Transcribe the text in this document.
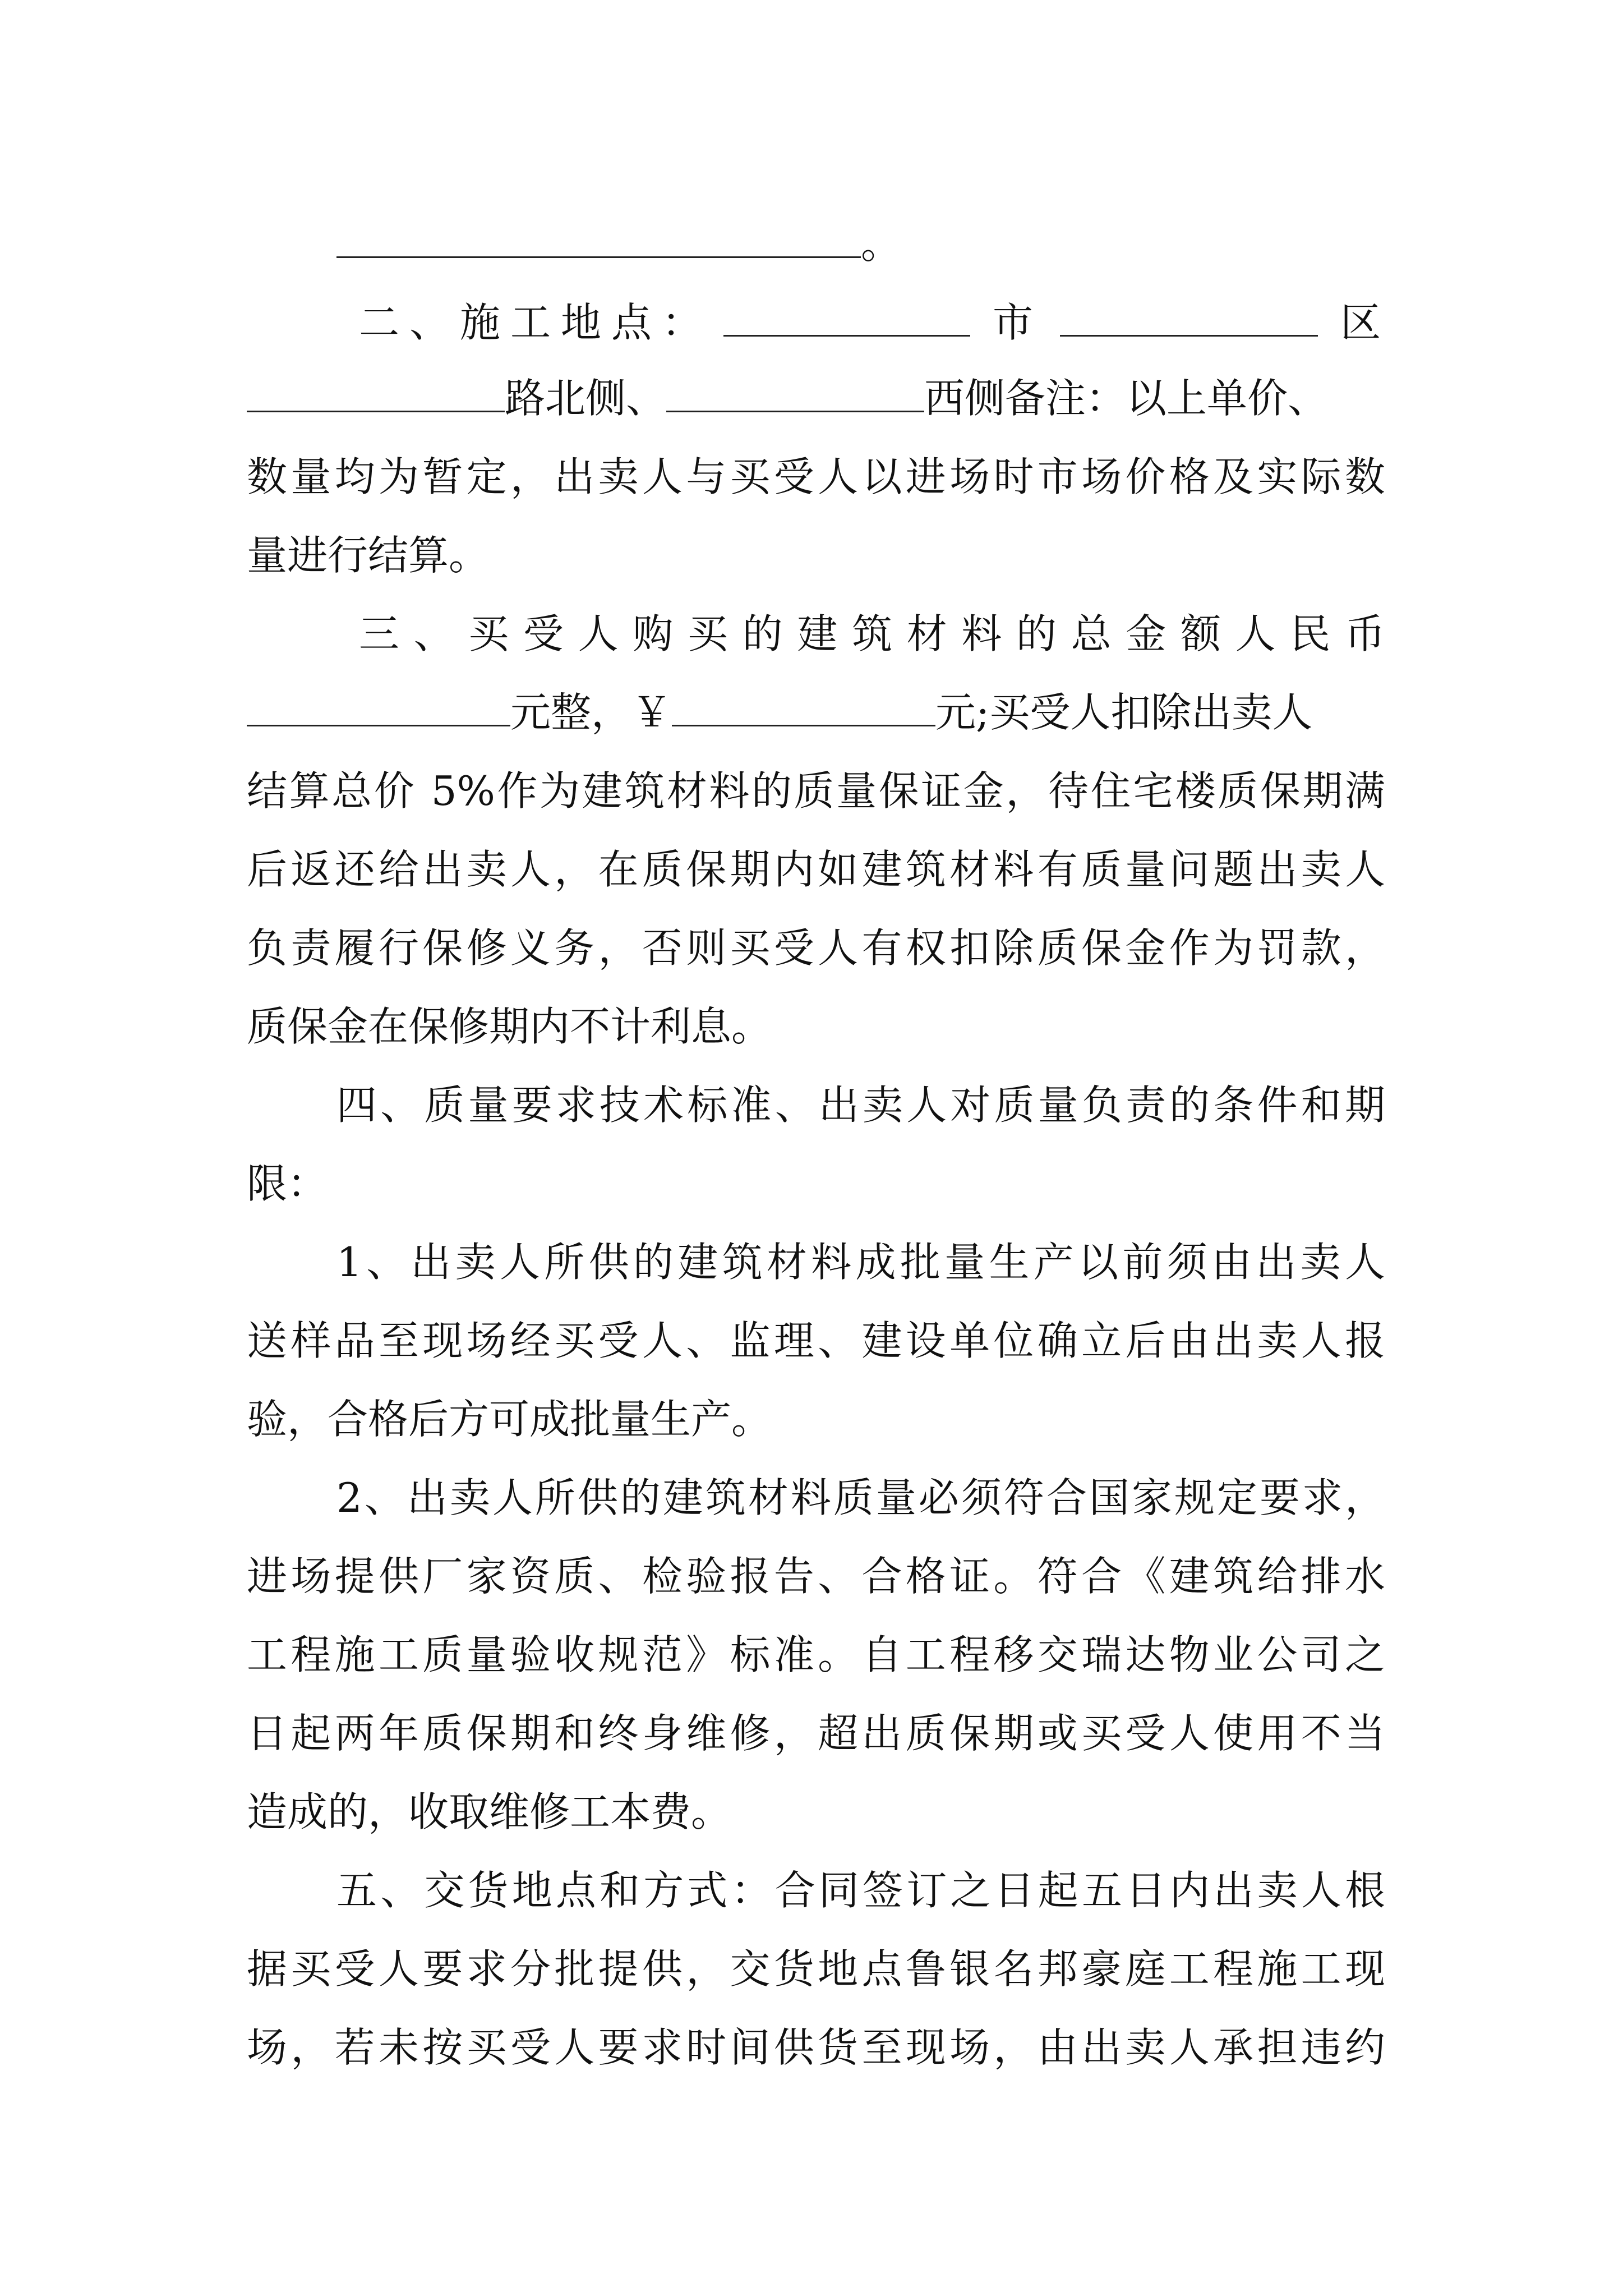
。
二、施工地点：	市	区
路北侧、	西侧备注：以上单价、
数量均为暂定，出卖人与买受人以进场时市场价格及实际数
量进行结算。
三、买受人购买的建筑材料的总金额人民币
元整，￥	元;买受人扣除出卖人
结算总价 5%作为建筑材料的质量保证金，待住宅楼质保期满
后返还给出卖人，在质保期内如建筑材料有质量问题出卖人
负责履行保修义务，否则买受人有权扣除质保金作为罚款，
质保金在保修期内不计利息。
四、质量要求技术标准、出卖人对质量负责的条件和期
限：
1、出卖人所供的建筑材料成批量生产以前须由出卖人
送样品至现场经买受人、监理、建设单位确立后由出卖人报
验，合格后方可成批量生产。
2、出卖人所供的建筑材料质量必须符合国家规定要求，
进场提供厂家资质、检验报告、合格证。符合《建筑给排水
工程施工质量验收规范》标准。自工程移交瑞达物业公司之
日起两年质保期和终身维修，超出质保期或买受人使用不当
造成的，收取维修工本费。
五、交货地点和方式：合同签订之日起五日内出卖人根
据买受人要求分批提供，交货地点鲁银名邦豪庭工程施工现
场，若未按买受人要求时间供货至现场，由出卖人承担违约
